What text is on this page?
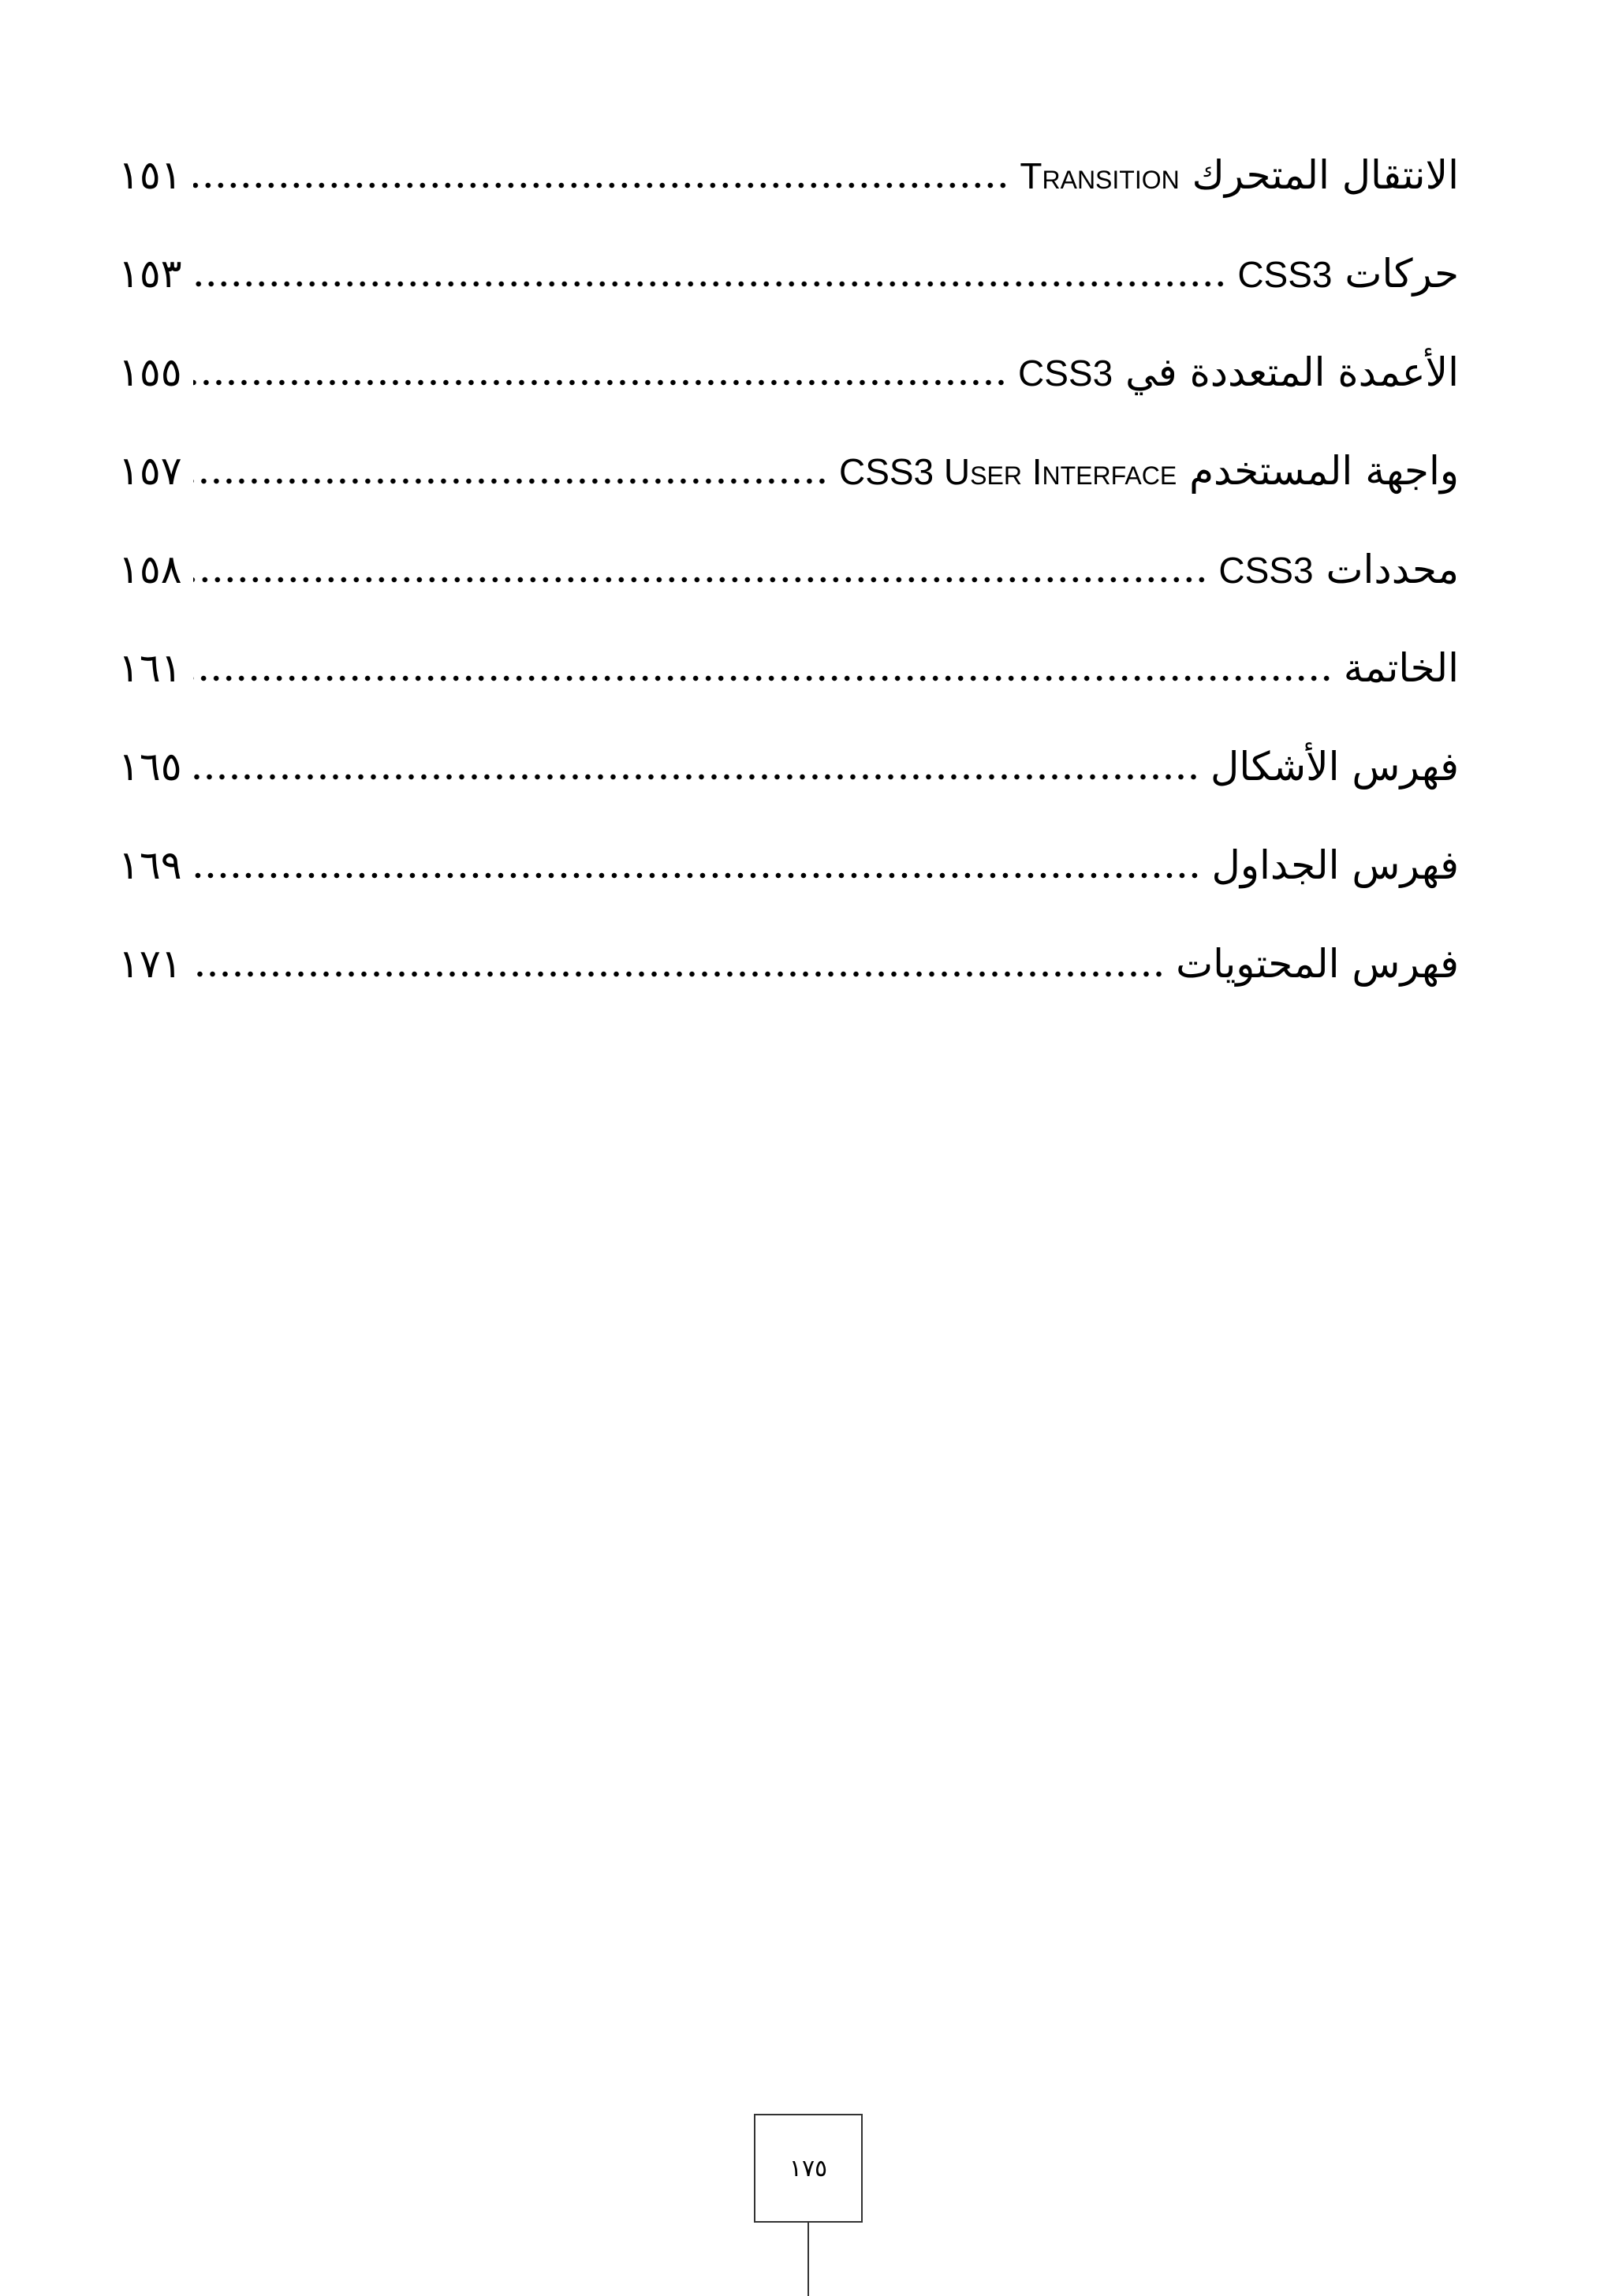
الانتقال المتحرك Transition
١٥١
حركات CSS3
١٥٣
الأعمدة المتعددة في CSS3
١٥٥
واجهة المستخدم CSS3 User Interface
١٥٧
محددات CSS3
١٥٨
الخاتمة
١٦١
فهرس الأشكال
١٦٥
فهرس الجداول
١٦٩
فهرس المحتويات
١٧١
١٧٥
